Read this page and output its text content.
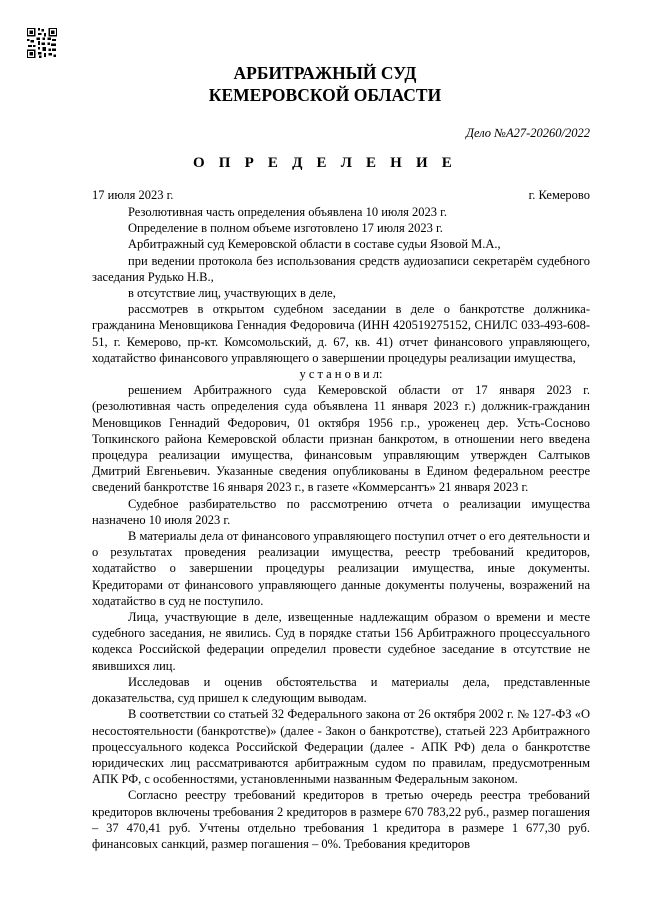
АРБИТРАЖНЫЙ СУД
КЕМЕРОВСКОЙ ОБЛАСТИ
Дело №А27-20260/2022
О П Р Е Д Е Л Е Н И Е
17 июля 2023 г.	г. Кемерово

Резолютивная часть определения объявлена 10 июля 2023 г.

Определение в полном объеме изготовлено 17 июля 2023 г.

Арбитражный суд Кемеровской области в составе судьи Язовой М.А.,

при ведении протокола без использования средств аудиозаписи секретарём судебного заседания Рудько Н.В.,

в отсутствие лиц, участвующих в деле,

рассмотрев в открытом судебном заседании в деле о банкротстве должника-гражданина Меновщикова Геннадия Федоровича (ИНН 420519275152, СНИЛС 033-493-608-51, г. Кемерово, пр-кт. Комсомольский, д. 67, кв. 41) отчет финансового управляющего, ходатайство финансового управляющего о завершении процедуры реализации имущества,

у с т а н о в и л:

решением Арбитражного суда Кемеровской области от 17 января 2023 г. (резолютивная часть определения суда объявлена 11 января 2023 г.) должник-гражданин Меновщиков Геннадий Федорович, 01 октября 1956 г.р., уроженец дер. Усть-Сосново Топкинского района Кемеровской области признан банкротом, в отношении него введена процедура реализации имущества, финансовым управляющим утвержден Салтыков Дмитрий Евгеньевич. Указанные сведения опубликованы в Едином федеральном реестре сведений банкротстве 16 января 2023 г., в газете «Коммерсантъ» 21 января 2023 г.

Судебное разбирательство по рассмотрению отчета о реализации имущества назначено 10 июля 2023 г.

В материалы дела от финансового управляющего поступил отчет о его деятельности и о результатах проведения реализации имущества, реестр требований кредиторов, ходатайство о завершении процедуры реализации имущества, иные документы. Кредиторами от финансового управляющего данные документы получены, возражений на ходатайство в суд не поступило.

Лица, участвующие в деле, извещенные надлежащим образом о времени и месте судебного заседания, не явились. Суд в порядке статьи 156 Арбитражного процессуального кодекса Российской федерации определил провести судебное заседание в отсутствие не явившихся лиц.

Исследовав и оценив обстоятельства и материалы дела, представленные доказательства, суд пришел к следующим выводам.

В соответствии со статьей 32 Федерального закона от 26 октября 2002 г. № 127-ФЗ «О несостоятельности (банкротстве)» (далее - Закон о банкротстве), статьей 223 Арбитражного процессуального кодекса Российской Федерации (далее - АПК РФ) дела о банкротстве юридических лиц рассматриваются арбитражным судом по правилам, предусмотренным АПК РФ, с особенностями, установленными названным Федеральным законом.

Согласно реестру требований кредиторов в третью очередь реестра требований кредиторов включены требования 2 кредиторов в размере 670 783,22 руб., размер погашения – 37 470,41 руб. Учтены отдельно требования 1 кредитора в размере 1 677,30 руб. финансовых санкций, размер погашения – 0%. Требования кредиторов
